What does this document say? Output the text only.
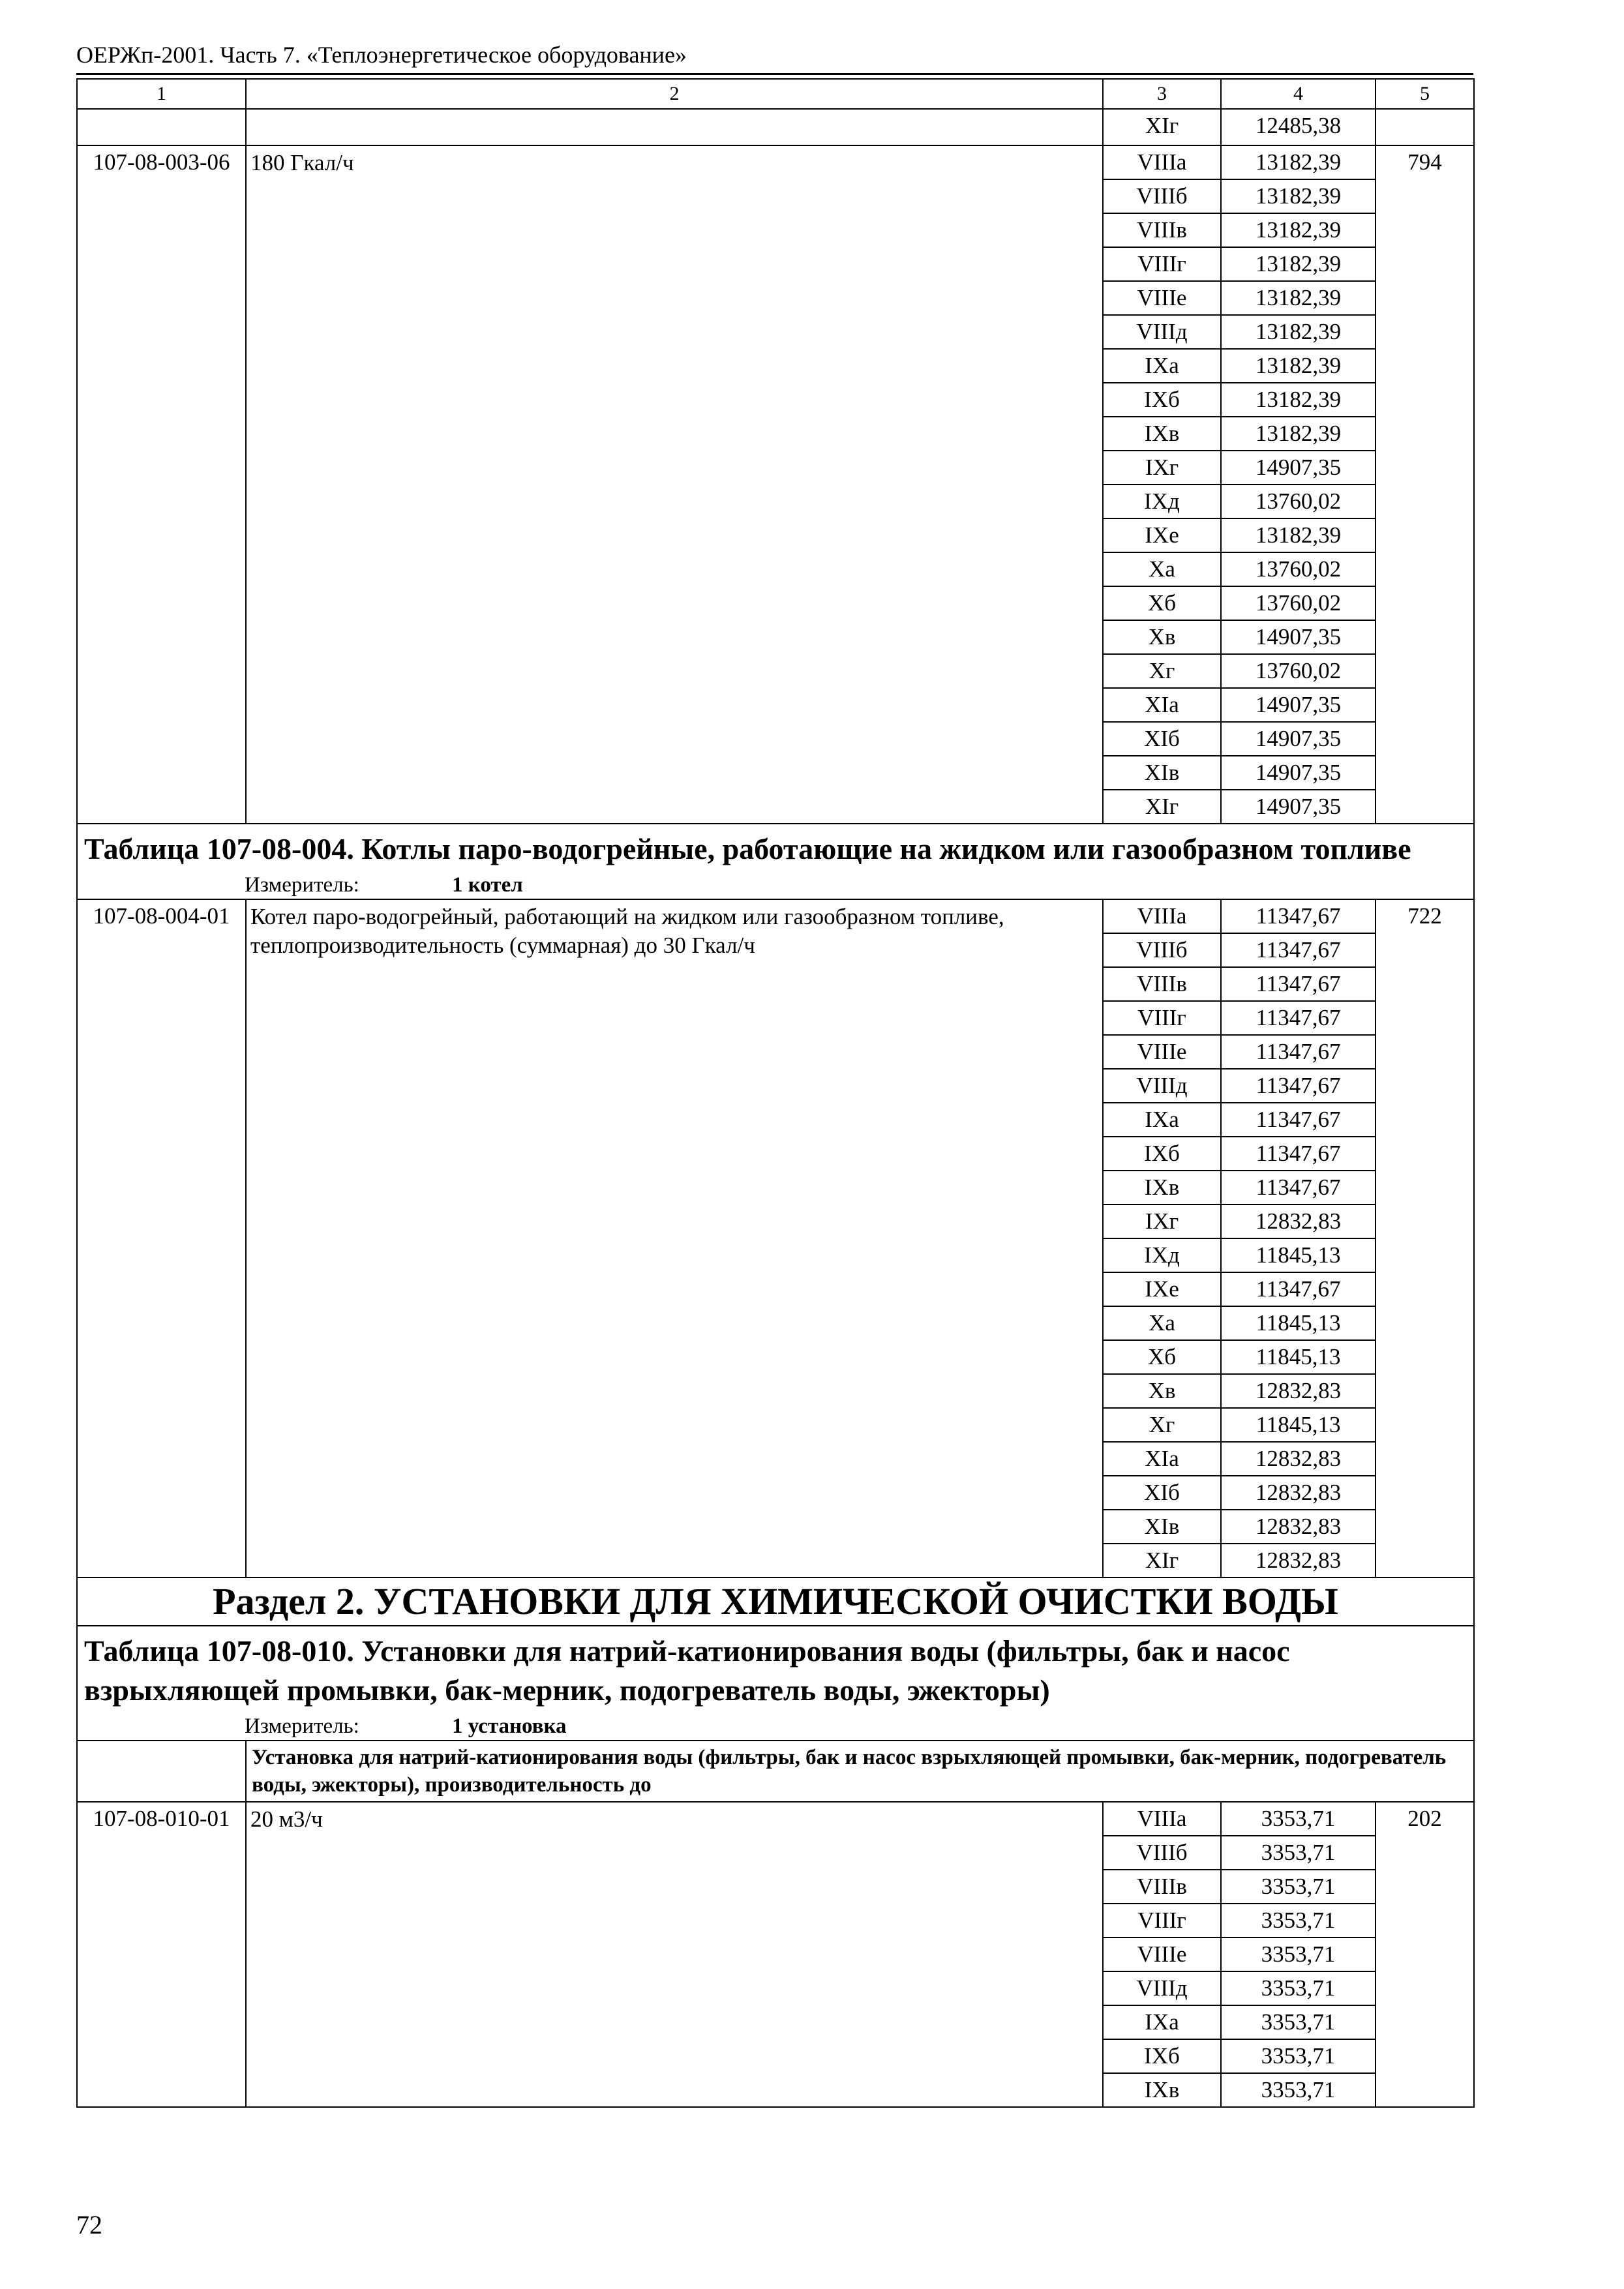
ОЕРЖп-2001. Часть 7. «Теплоэнергетическое оборудование»
1	2	3	4	5
		XIг	12485,38	
107-08-003-06	180 Гкал/ч	VIIIа	13182,39	794
		VIIIб	13182,39	
		VIIIв	13182,39	
		VIIIг	13182,39	
		VIIIе	13182,39	
		VIIIд	13182,39	
		IXа	13182,39	
		IXб	13182,39	
		IXв	13182,39	
		IXг	14907,35	
		IXд	13760,02	
		IXе	13182,39	
		Xа	13760,02	
		Xб	13760,02	
		Xв	14907,35	
		Xг	13760,02	
		XIа	14907,35	
		XIб	14907,35	
		XIв	14907,35	
		XIг	14907,35	
Таблица 107-08-004. Котлы паро-водогрейные, работающие на жидком или газообразном топливе				
Измеритель: 1 котел				
107-08-004-01	Котел паро-водогрейный, работающий на жидком или газообразном топливе, теплопроизводительность (суммарная) до 30 Гкал/ч	VIIIа	11347,67	722
		VIIIб	11347,67	
		VIIIв	11347,67	
		VIIIг	11347,67	
		VIIIе	11347,67	
		VIIIд	11347,67	
		IXа	11347,67	
		IXб	11347,67	
		IXв	11347,67	
		IXг	12832,83	
		IXд	11845,13	
		IXе	11347,67	
		Xа	11845,13	
		Xб	11845,13	
		Xв	12832,83	
		Xг	11845,13	
		XIа	12832,83	
		XIб	12832,83	
		XIв	12832,83	
		XIг	12832,83	
Раздел 2. УСТАНОВКИ ДЛЯ ХИМИЧЕСКОЙ ОЧИСТКИ ВОДЫ				
Таблица 107-08-010. Установки для натрий-катионирования воды (фильтры, бак и насос взрыхляющей промывки, бак-мерник, подогреватель воды, эжекторы)				
Измеритель: 1 установка				
	Установка для натрий-катионирования воды (фильтры, бак и насос взрыхляющей промывки, бак-мерник, подогреватель воды, эжекторы), производительность до			
107-08-010-01	20 м3/ч	VIIIа	3353,71	202
		VIIIб	3353,71	
		VIIIв	3353,71	
		VIIIг	3353,71	
		VIIIе	3353,71	
		VIIIд	3353,71	
		IXа	3353,71	
		IXб	3353,71	
		IXв	3353,71	
72
